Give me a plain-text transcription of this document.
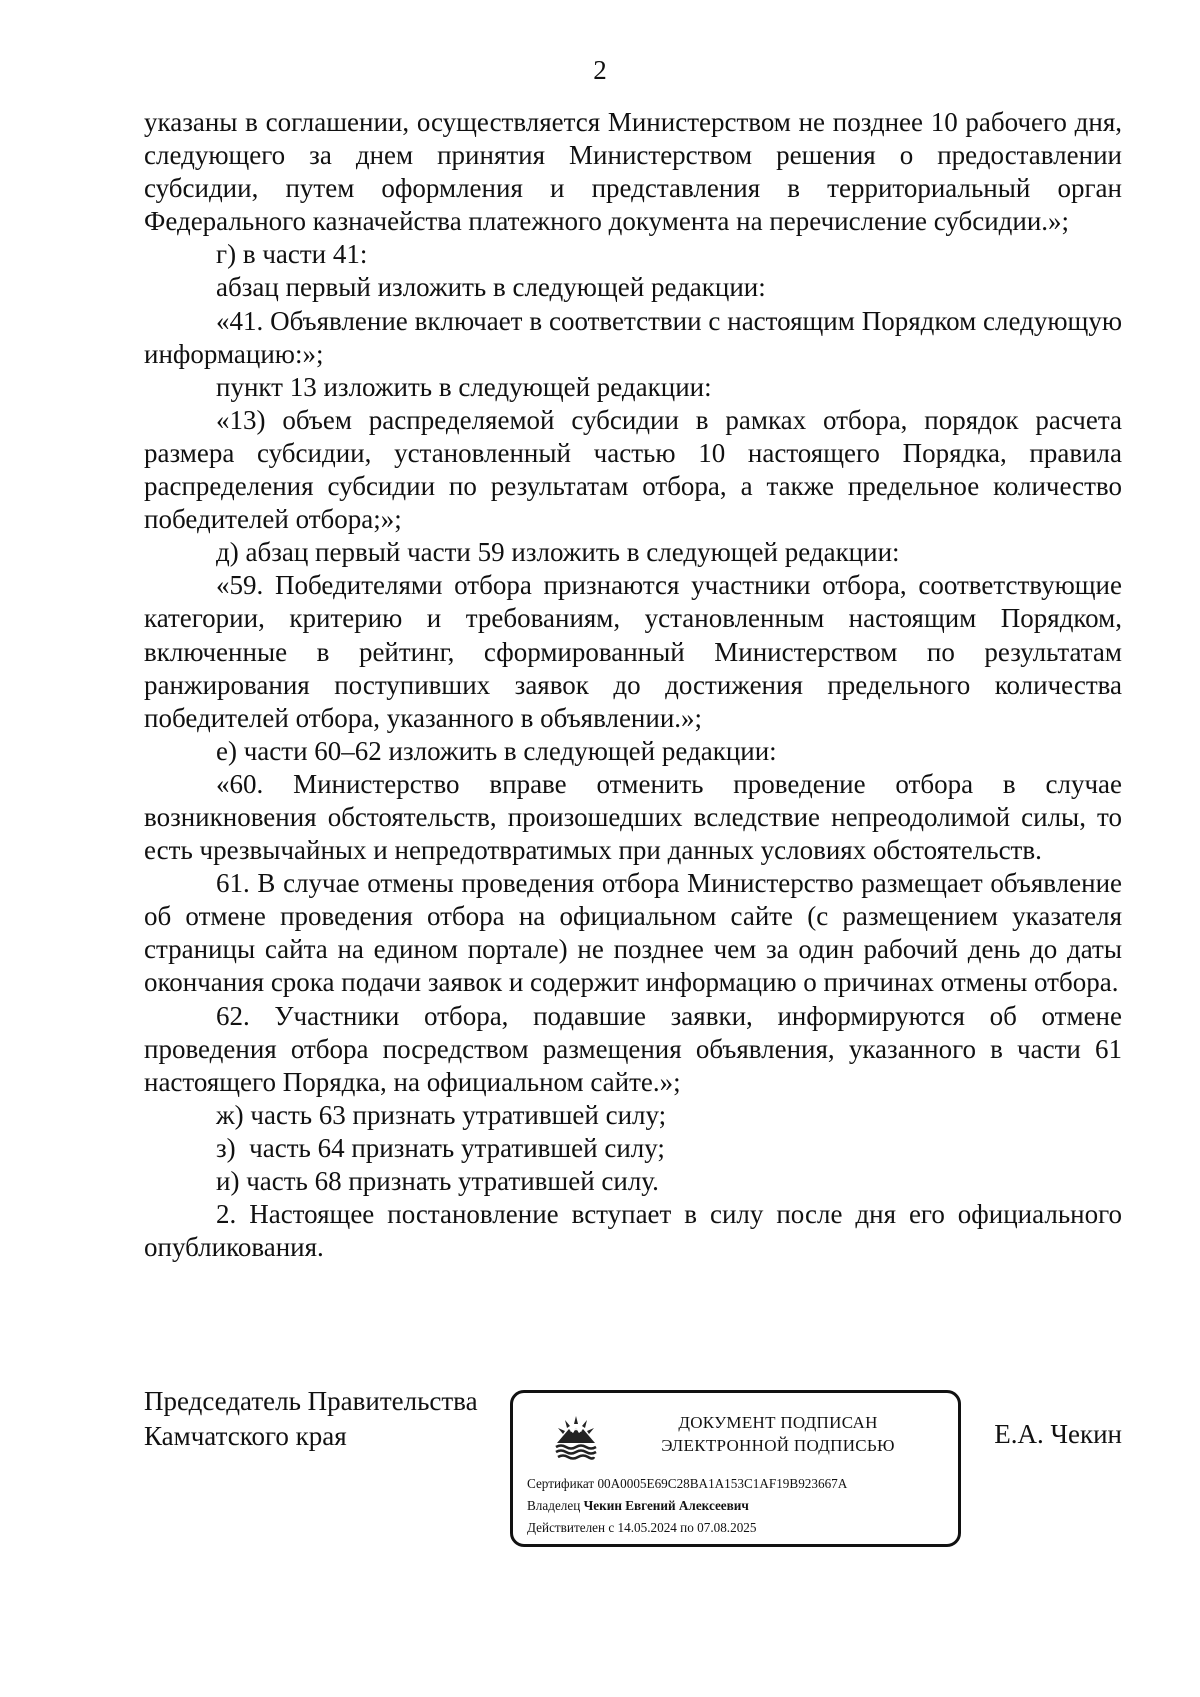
2

указаны в соглашении, осуществляется Министерством не позднее 10 рабочего дня, следующего за днем принятия Министерством решения о предоставлении субсидии, путем оформления и представления в территориальный орган Федерального казначейства платежного документа на перечисление субсидии.»;

г) в части 41:

абзац первый изложить в следующей редакции:

«41. Объявление включает в соответствии с настоящим Порядком следующую информацию:»;

пункт 13 изложить в следующей редакции:

«13) объем распределяемой субсидии в рамках отбора, порядок расчета размера субсидии, установленный частью 10 настоящего Порядка, правила распределения субсидии по результатам отбора, а также предельное количество победителей отбора;»;

д) абзац первый части 59 изложить в следующей редакции:

«59. Победителями отбора признаются участники отбора, соответствующие категории, критерию и требованиям, установленным настоящим Порядком, включенные в рейтинг, сформированный Министерством по результатам ранжирования поступивших заявок до достижения предельного количества победителей отбора, указанного в объявлении.»;

е) части 60–62 изложить в следующей редакции:

«60. Министерство вправе отменить проведение отбора в случае возникновения обстоятельств, произошедших вследствие непреодолимой силы, то есть чрезвычайных и непредотвратимых при данных условиях обстоятельств.

61. В случае отмены проведения отбора Министерство размещает объявление об отмене проведения отбора на официальном сайте (с размещением указателя страницы сайта на едином портале) не позднее чем за один рабочий день до даты окончания срока подачи заявок и содержит информацию о причинах отмены отбора.

62. Участники отбора, подавшие заявки, информируются об отмене проведения отбора посредством размещения объявления, указанного в части 61 настоящего Порядка, на официальном сайте.»;

ж) часть 63 признать утратившей силу;

з)  часть 64 признать утратившей силу;

и) часть 68 признать утратившей силу.

2. Настоящее постановление вступает в силу после дня его официального опубликования.

Председатель Правительства
Камчатского края	ДОКУМЕНТ ПОДПИСАН
ЭЛЕКТРОННОЙ ПОДПИСЬЮ
Сертификат 00A0005E69C28BA1A153C1AF19B923667A
Владелец Чекин Евгений Алексеевич
Действителен с 14.05.2024 по 07.08.2025
Е.А. Чекин
